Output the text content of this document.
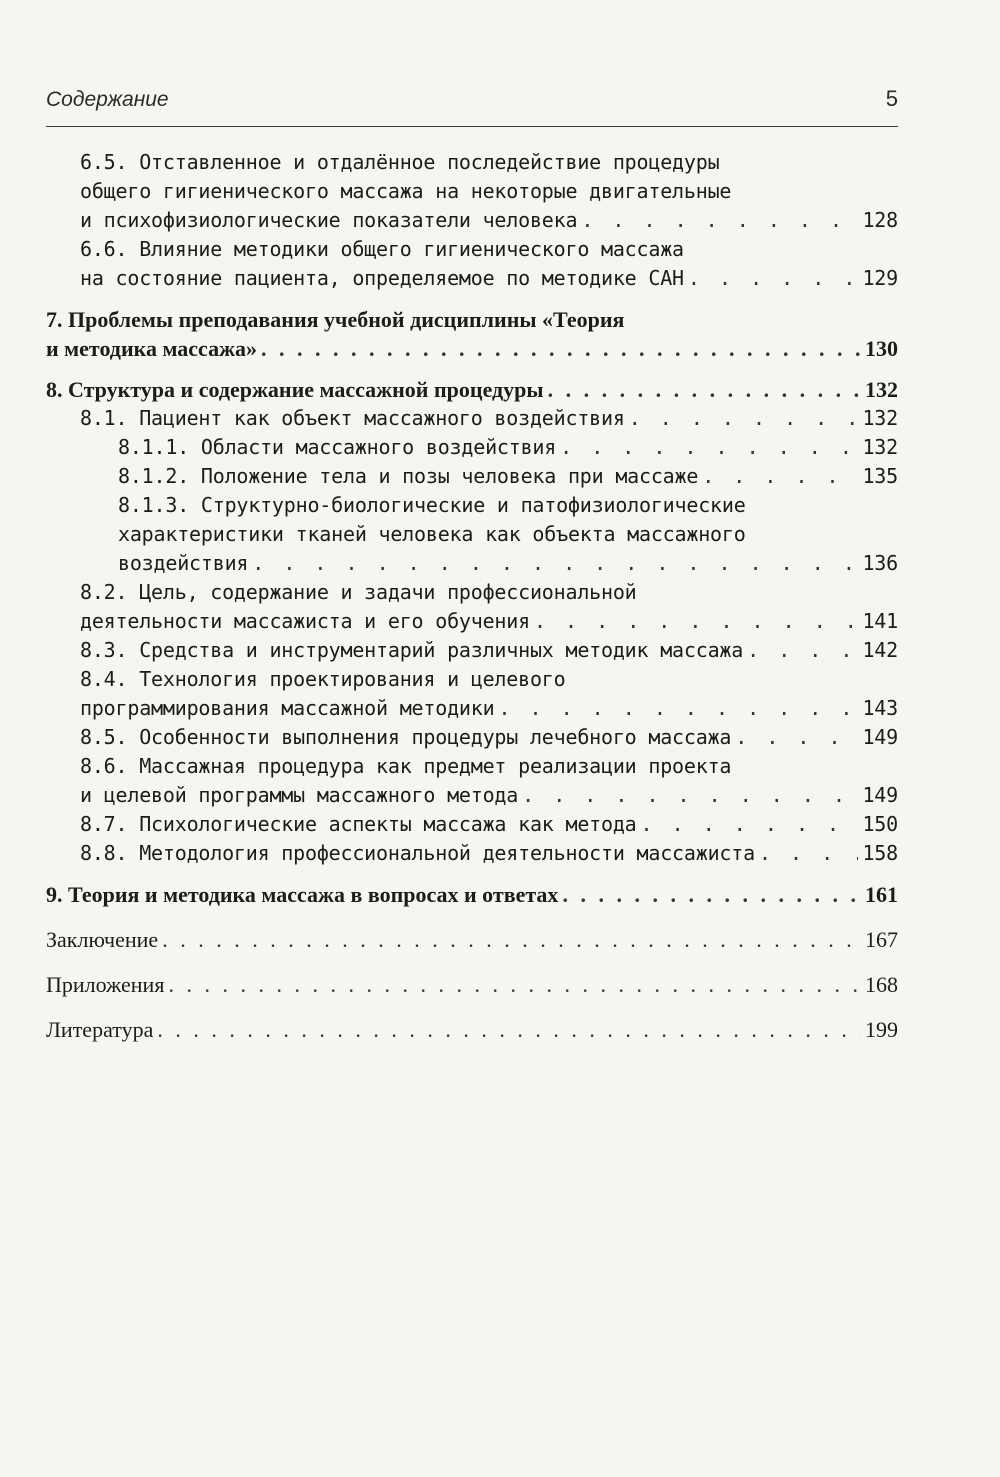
Содержание	5
6.5. Отставленное и отдалённое последействие процедуры
общего гигиенического массажа на некоторые двигательные
и психофизиологические показатели человека . . .	128
6.6. Влияние методики общего гигиенического массажа
на состояние пациента, определяемое по методике САН . . .	129
7. Проблемы преподавания учебной дисциплины «Теория
и методика массажа» . . .	130
8. Структура и содержание массажной процедуры . . .	132
8.1. Пациент как объект массажного воздействия . . .	132
8.1.1. Области массажного воздействия . . .	132
8.1.2. Положение тела и позы человека при массаже . . .	135
8.1.3. Структурно-биологические и патофизиологические
характеристики тканей человека как объекта массажного
воздействия . . .	136
8.2. Цель, содержание и задачи профессиональной
деятельности массажиста и его обучения . . .	141
8.3. Средства и инструментарий различных методик массажа . . .	142
8.4. Технология проектирования и целевого
программирования массажной методики . . .	143
8.5. Особенности выполнения процедуры лечебного массажа . . .	149
8.6. Массажная процедура как предмет реализации проекта
и целевой программы массажного метода . . .	149
8.7. Психологические аспекты массажа как метода . . .	150
8.8. Методология профессиональной деятельности массажиста . . .	158
9. Теория и методика массажа в вопросах и ответах . . .	161
Заключение . . .	167
Приложения . . .	168
Литература . . .	199
